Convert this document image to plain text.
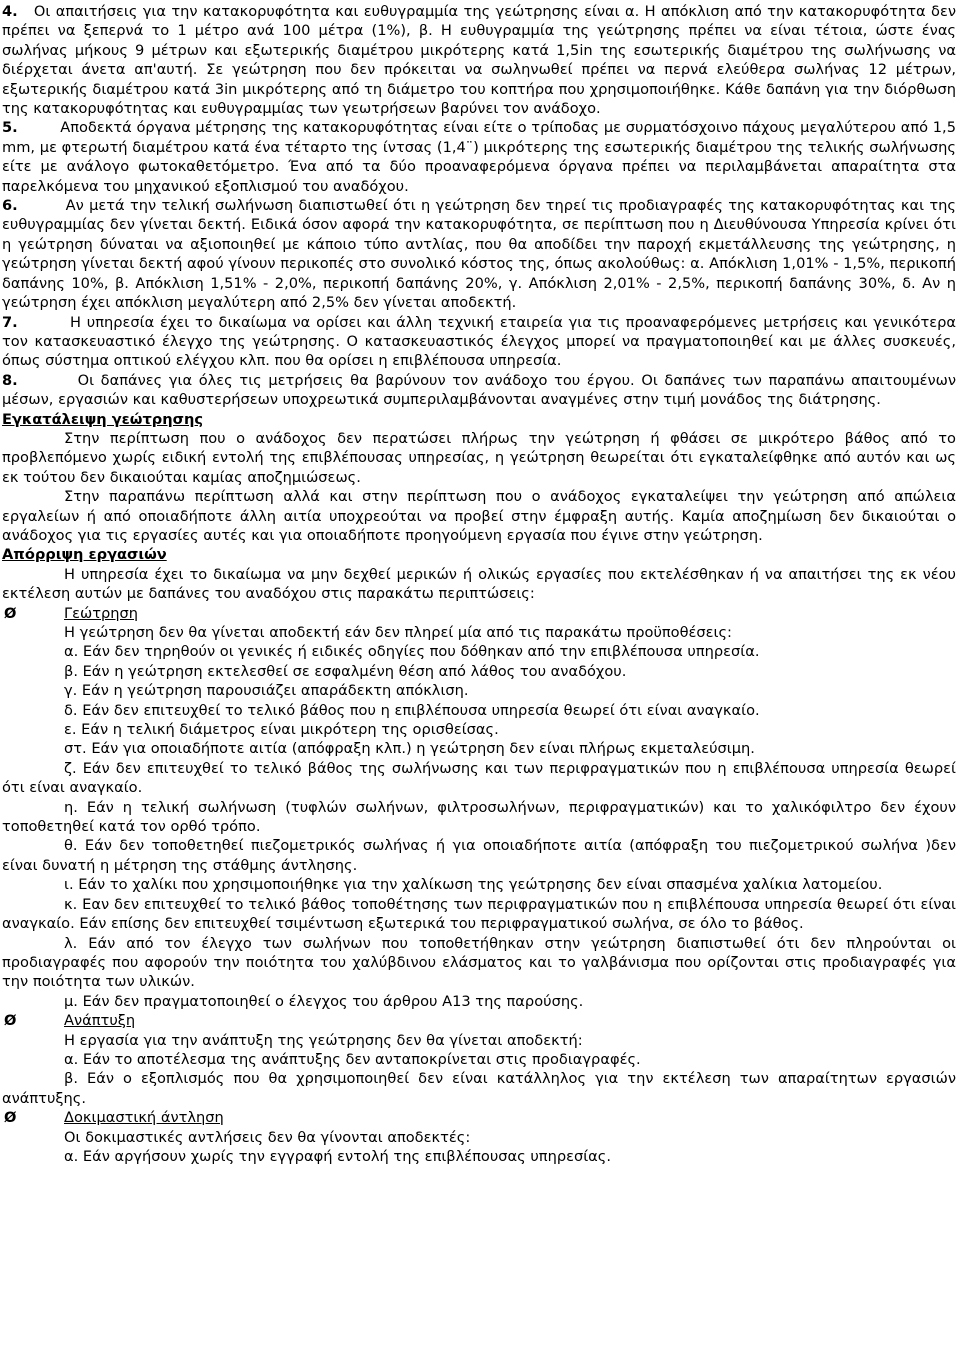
4. Οι απαιτήσεις για την κατακορυφότητα και ευθυγραμμία της γεώτρησης είναι α. Η απόκλιση από την κατακορυφότητα δεν πρέπει να ξεπερνά το 1 μέτρο ανά 100 μέτρα (1%), β. Η ευθυγραμμία της γεώτρησης πρέπει να είναι τέτοια, ώστε ένας σωλήνας μήκους 9 μέτρων και εξωτερικής διαμέτρου μικρότερης κατά 1,5in της εσωτερικής διαμέτρου της σωλήνωσης να διέρχεται άνετα απ'αυτή. Σε γεώτρηση που δεν πρόκειται να σωληνωθεί πρέπει να περνά ελεύθερα σωλήνας 12 μέτρων, εξωτερικής διαμέτρου κατά 3in μικρότερης από τη διάμετρο του κοπτήρα που χρησιμοποιήθηκε. Κάθε δαπάνη για την διόρθωση της κατακορυφότητας και ευθυγραμμίας των γεωτρήσεων βαρύνει τον ανάδοχο.

5.	Αποδεκτά όργανα μέτρησης της κατακορυφότητας είναι είτε ο τρίποδας με συρματόσχοινο πάχους μεγαλύτερου από 1,5 mm, με φτερωτή διαμέτρου κατά ένα τέταρτο της ίντσας (1,4¨) μικρότερης της εσωτερικής διαμέτρου της τελικής σωλήνωσης είτε με ανάλογο φωτοκαθετόμετρο. Ένα από τα δύο προαναφερόμενα όργανα πρέπει να περιλαμβάνεται απαραίτητα στα παρελκόμενα του μηχανικού εξοπλισμού του αναδόχου.

6.	Αν μετά την τελική σωλήνωση διαπιστωθεί ότι η γεώτρηση δεν τηρεί τις προδιαγραφές της κατακορυφότητας και της ευθυγραμμίας δεν γίνεται δεκτή. Ειδικά όσον αφορά την κατακορυφότητα, σε περίπτωση που η Διευθύνουσα Υπηρεσία κρίνει ότι η γεώτρηση δύναται να αξιοποιηθεί με κάποιο τύπο αντλίας, που θα αποδίδει την παροχή εκμετάλλευσης της γεώτρησης, η γεώτρηση γίνεται δεκτή αφού γίνουν περικοπές στο συνολικό κόστος της, όπως ακολούθως: α. Απόκλιση 1,01% - 1,5%, περικοπή δαπάνης 10%, β. Απόκλιση 1,51% - 2,0%, περικοπή δαπάνης 20%, γ. Απόκλιση 2,01% - 2,5%, περικοπή δαπάνης 30%, δ. Αν η γεώτρηση έχει απόκλιση μεγαλύτερη από 2,5% δεν γίνεται αποδεκτή.

7.	Η υπηρεσία έχει το δικαίωμα να ορίσει και άλλη τεχνική εταιρεία για τις προαναφερόμενες μετρήσεις και γενικότερα τον κατασκευαστικό έλεγχο της γεώτρησης. Ο κατασκευαστικός έλεγχος μπορεί να πραγματοποιηθεί και με άλλες συσκευές, όπως σύστημα οπτικού ελέγχου κλπ. που θα ορίσει η επιβλέπουσα υπηρεσία.

8.	Οι δαπάνες για όλες τις μετρήσεις θα βαρύνουν τον ανάδοχο του έργου. Οι δαπάνες των παραπάνω απαιτουμένων μέσων, εργασιών και καθυστερήσεων υποχρεωτικά συμπεριλαμβάνονται αναγμένες στην τιμή μονάδος της διάτρησης.

Εγκατάλειψη γεώτρησης

Στην περίπτωση που ο ανάδοχος δεν περατώσει πλήρως την γεώτρηση ή φθάσει σε μικρότερο βάθος από το προβλεπόμενο χωρίς ειδική εντολή της επιβλέπουσας υπηρεσίας, η γεώτρηση θεωρείται ότι εγκαταλείφθηκε από αυτόν και ως εκ τούτου δεν δικαιούται καμίας αποζημιώσεως.

Στην παραπάνω περίπτωση αλλά και στην περίπτωση που ο ανάδοχος εγκαταλείψει την γεώτρηση από απώλεια εργαλείων ή από οποιαδήποτε άλλη αιτία υποχρεούται να προβεί στην έμφραξη αυτής. Καμία αποζημίωση δεν δικαιούται ο ανάδοχος για τις εργασίες αυτές και για οποιαδήποτε προηγούμενη εργασία που έγινε στην γεώτρηση.

Απόρριψη εργασιών

Η υπηρεσία έχει το δικαίωμα να μην δεχθεί μερικών ή ολικώς εργασίες που εκτελέσθηκαν ή να απαιτήσει της εκ νέου εκτέλεση αυτών με δαπάνες του αναδόχου στις παρακάτω περιπτώσεις:

Ø	Γεώτρηση

Η γεώτρηση δεν θα γίνεται αποδεκτή εάν δεν πληρεί μία από τις παρακάτω προϋποθέσεις:

α. Εάν δεν τηρηθούν οι γενικές ή ειδικές οδηγίες που δόθηκαν από την επιβλέπουσα υπηρεσία.

β. Εάν η γεώτρηση εκτελεσθεί σε εσφαλμένη θέση από λάθος του αναδόχου.

γ. Εάν η γεώτρηση παρουσιάζει απαράδεκτη απόκλιση.

δ. Εάν δεν επιτευχθεί το τελικό βάθος που η επιβλέπουσα υπηρεσία θεωρεί ότι είναι αναγκαίο.

ε. Εάν η τελική διάμετρος είναι μικρότερη της ορισθείσας.

στ. Εάν για οποιαδήποτε αιτία (απόφραξη κλπ.) η γεώτρηση δεν είναι πλήρως εκμεταλεύσιμη.

ζ. Εάν δεν επιτευχθεί το τελικό βάθος της σωλήνωσης και των περιφραγματικών που η επιβλέπουσα υπηρεσία θεωρεί ότι είναι αναγκαίο.

η. Εάν η τελική σωλήνωση (τυφλών σωλήνων, φιλτροσωλήνων, περιφραγματικών) και το χαλικόφιλτρο δεν έχουν τοποθετηθεί κατά τον ορθό τρόπο.

θ. Εάν δεν τοποθετηθεί πιεζομετρικός σωλήνας ή για οποιαδήποτε αιτία (απόφραξη του πιεζομετρικού σωλήνα )δεν είναι δυνατή η μέτρηση της στάθμης άντλησης.

ι. Εάν το χαλίκι που χρησιμοποιήθηκε για την χαλίκωση της γεώτρησης δεν είναι σπασμένα χαλίκια λατομείου.

κ. Εαν δεν επιτευχθεί το τελικό βάθος τοποθέτησης των περιφραγματικών που η επιβλέπουσα υπηρεσία θεωρεί ότι είναι αναγκαίο. Εάν επίσης δεν επιτευχθεί τσιμέντωση εξωτερικά του περιφραγματικού σωλήνα, σε όλο το βάθος.

λ. Εάν από τον έλεγχο των σωλήνων που τοποθετήθηκαν στην γεώτρηση διαπιστωθεί ότι δεν πληρούνται οι προδιαγραφές που αφορούν την ποιότητα του χαλύβδινου ελάσματος και το γαλβάνισμα που ορίζονται στις προδιαγραφές για την ποιότητα των υλικών.

μ. Εάν δεν πραγματοποιηθεί ο έλεγχος του άρθρου Α13 της παρούσης.

Ø	Ανάπτυξη

Η εργασία για την ανάπτυξη της γεώτρησης δεν θα γίνεται αποδεκτή:

α. Εάν το αποτέλεσμα της ανάπτυξης δεν ανταποκρίνεται στις προδιαγραφές.

β. Εάν ο εξοπλισμός που θα χρησιμοποιηθεί δεν είναι κατάλληλος για την εκτέλεση των απαραίτητων εργασιών ανάπτυξης.

Ø	Δοκιμαστική άντληση

Οι δοκιμαστικές αντλήσεις δεν θα γίνονται αποδεκτές:

α. Εάν αργήσουν χωρίς την εγγραφή εντολή της επιβλέπουσας υπηρεσίας.
